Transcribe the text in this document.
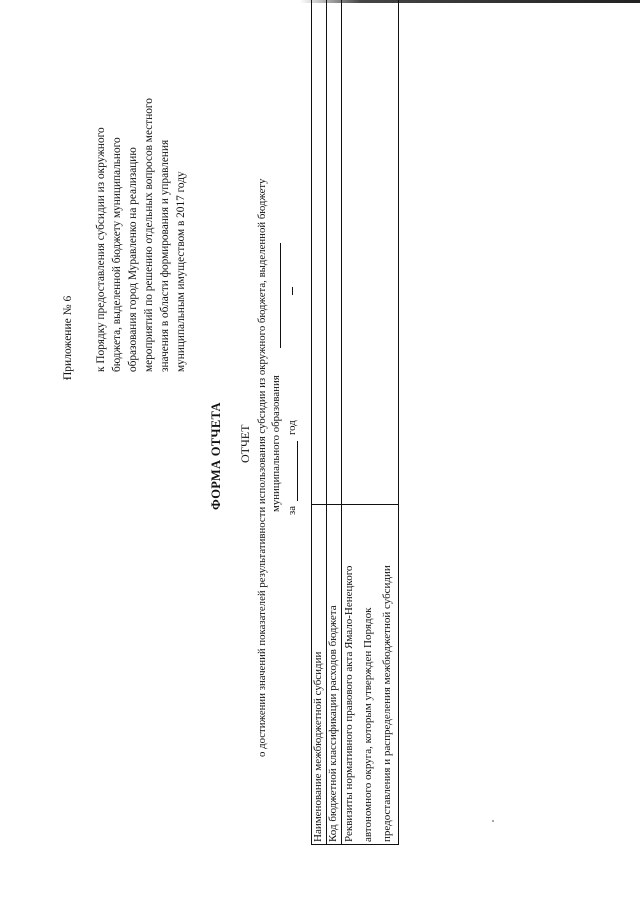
Приложение № 6 к Порядку предоставления субсидии из окружного бюджета, выделенной бюджету муниципального образования город Муравленко на реализацию мероприятий по решению отдельных вопросов местного значения в области формирования и управления муниципальным имуществом в 2017 году
ФОРМА ОТЧЕТА ОТЧЕТ о достижении значений показателей результативности использования субсидии из окружного бюджета, выделенной бюджету муниципального образования за
год
Наименование межбюджетной субсидии Код бюджетной классификации расходов бюджета Реквизиты нормативного правового акта Ямало-Ненецкого автономного округа, которым утвержден Порядок предоставления и распределения межбюджетной субсидии
